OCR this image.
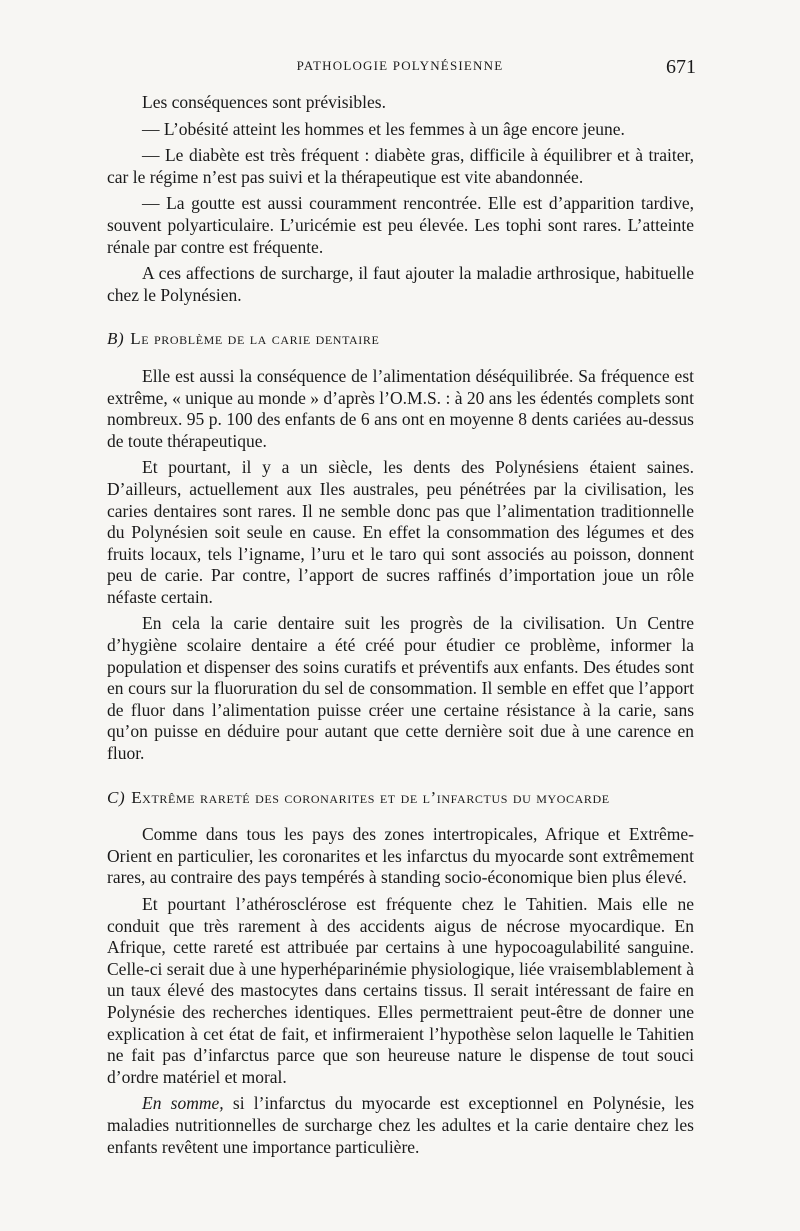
PATHOLOGIE POLYNÉSIENNE	671

Les conséquences sont prévisibles.

— L’obésité atteint les hommes et les femmes à un âge encore jeune.

— Le diabète est très fréquent : diabète gras, difficile à équilibrer et à traiter, car le régime n’est pas suivi et la thérapeutique est vite abandonnée.

— La goutte est aussi couramment rencontrée. Elle est d’apparition tardive, souvent polyarticulaire. L’uricémie est peu élevée. Les tophi sont rares. L’atteinte rénale par contre est fréquente.

A ces affections de surcharge, il faut ajouter la maladie arthrosique, habituelle chez le Polynésien.

B) Le problème de la carie dentaire

Elle est aussi la conséquence de l’alimentation déséquilibrée. Sa fréquence est extrême, « unique au monde » d’après l’O.M.S. : à 20 ans les édentés complets sont nombreux. 95 p. 100 des enfants de 6 ans ont en moyenne 8 dents cariées au-dessus de toute thérapeutique.

Et pourtant, il y a un siècle, les dents des Polynésiens étaient saines. D’ailleurs, actuellement aux Iles australes, peu pénétrées par la civilisation, les caries dentaires sont rares. Il ne semble donc pas que l’alimentation traditionnelle du Polynésien soit seule en cause. En effet la consommation des légumes et des fruits locaux, tels l’igname, l’uru et le taro qui sont associés au poisson, donnent peu de carie. Par contre, l’apport de sucres raffinés d’importation joue un rôle néfaste certain.

En cela la carie dentaire suit les progrès de la civilisation. Un Centre d’hygiène scolaire dentaire a été créé pour étudier ce problème, informer la population et dispenser des soins curatifs et préventifs aux enfants. Des études sont en cours sur la fluoruration du sel de consommation. Il semble en effet que l’apport de fluor dans l’alimentation puisse créer une certaine résistance à la carie, sans qu’on puisse en déduire pour autant que cette dernière soit due à une carence en fluor.

C) Extrême rareté des coronarites et de l’infarctus du myocarde

Comme dans tous les pays des zones intertropicales, Afrique et Extrême-Orient en particulier, les coronarites et les infarctus du myocarde sont extrêmement rares, au contraire des pays tempérés à standing socio-économique bien plus élevé.

Et pourtant l’athérosclérose est fréquente chez le Tahitien. Mais elle ne conduit que très rarement à des accidents aigus de nécrose myocardique. En Afrique, cette rareté est attribuée par certains à une hypocoagulabilité sanguine. Celle-ci serait due à une hyperhéparinémie physiologique, liée vraisemblablement à un taux élevé des mastocytes dans certains tissus. Il serait intéressant de faire en Polynésie des recherches identiques. Elles permettraient peut-être de donner une explication à cet état de fait, et infirmeraient l’hypothèse selon laquelle le Tahitien ne fait pas d’infarctus parce que son heureuse nature le dispense de tout souci d’ordre matériel et moral.

En somme, si l’infarctus du myocarde est exceptionnel en Polynésie, les maladies nutritionnelles de surcharge chez les adultes et la carie dentaire chez les enfants revêtent une importance particulière.
